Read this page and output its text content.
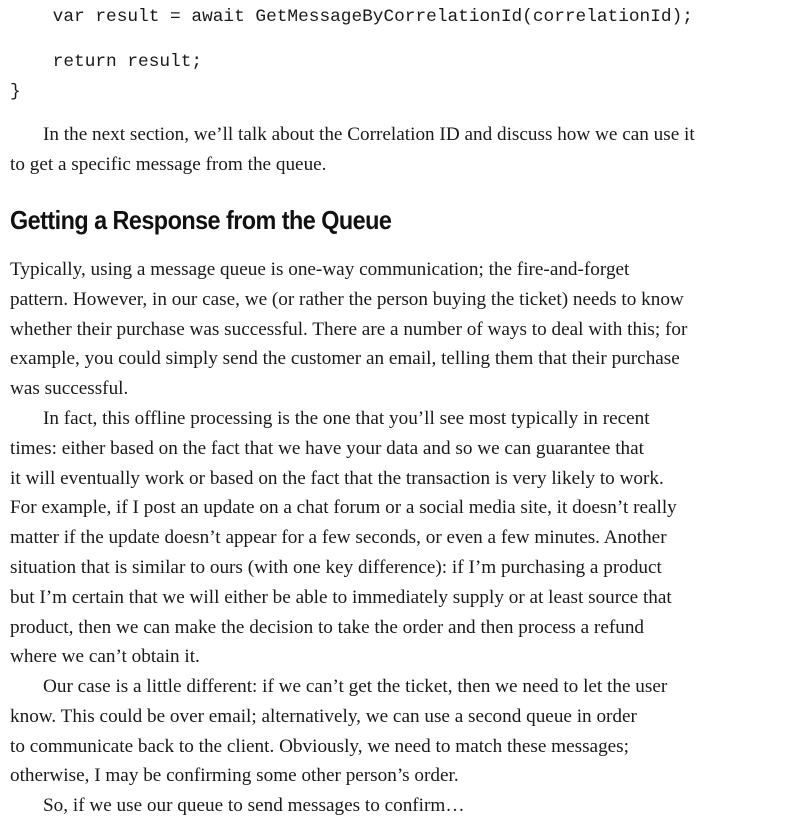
var result = await GetMessageByCorrelationId(correlationId);
return result;
}
In the next section, we’ll talk about the Correlation ID and discuss how we can use it
to get a specific message from the queue.
Getting a Response from the Queue
Typically, using a message queue is one-way communication; the fire-and-forget
pattern. However, in our case, we (or rather the person buying the ticket) needs to know
whether their purchase was successful. There are a number of ways to deal with this; for
example, you could simply send the customer an email, telling them that their purchase
was successful.
In fact, this offline processing is the one that you’ll see most typically in recent
times: either based on the fact that we have your data and so we can guarantee that
it will eventually work or based on the fact that the transaction is very likely to work.
For example, if I post an update on a chat forum or a social media site, it doesn’t really
matter if the update doesn’t appear for a few seconds, or even a few minutes. Another
situation that is similar to ours (with one key difference): if I’m purchasing a product
but I’m certain that we will either be able to immediately supply or at least source that
product, then we can make the decision to take the order and then process a refund
where we can’t obtain it.
Our case is a little different: if we can’t get the ticket, then we need to let the user
know. This could be over email; alternatively, we can use a second queue in order
to communicate back to the client. Obviously, we need to match these messages;
otherwise, I may be confirming some other person’s order.
So, if we use our queue to send messages to confirm…
